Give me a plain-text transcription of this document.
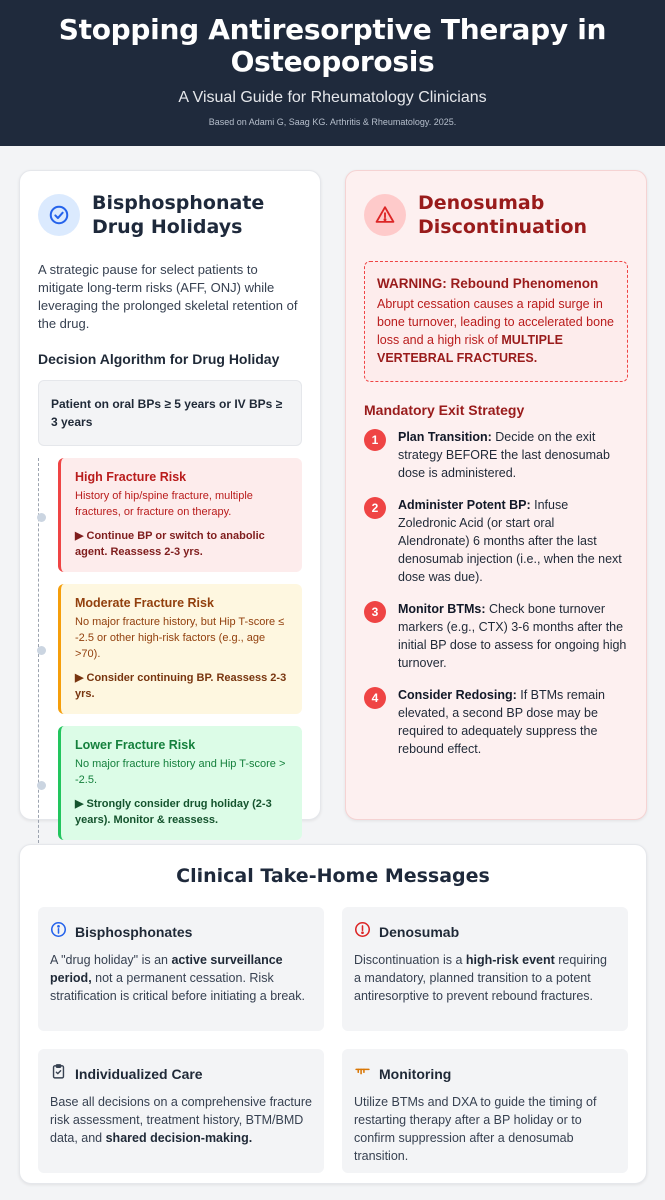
Stopping Antiresorptive Therapy in Osteoporosis
A Visual Guide for Rheumatology Clinicians
Based on Adami G, Saag KG. Arthritis & Rheumatology. 2025.
Bisphosphonate Drug Holidays

A strategic pause for select patients to mitigate long-term risks (AFF, ONJ) while leveraging the prolonged skeletal retention of the drug.

Decision Algorithm for Drug Holiday
Patient on oral BPs ≥ 5 years or IV BPs ≥ 3 years
High Fracture Risk
History of hip/spine fracture, multiple fractures, or fracture on therapy.
▶ Continue BP or switch to anabolic agent. Reassess 2-3 yrs.
Moderate Fracture Risk
No major fracture history, but Hip T-score ≤ -2.5 or other high-risk factors (e.g., age >70).
▶ Consider continuing BP. Reassess 2-3 yrs.
Lower Fracture Risk
No major fracture history and Hip T-score > -2.5.
▶ Strongly consider drug holiday (2-3 years). Monitor & reassess.
Denosumab Discontinuation
WARNING: Rebound Phenomenon
Abrupt cessation causes a rapid surge in bone turnover, leading to accelerated bone loss and a high risk of MULTIPLE VERTEBRAL FRACTURES.
Mandatory Exit Strategy
1	Plan Transition: Decide on the exit strategy BEFORE the last denosumab dose is administered.
2	Administer Potent BP: Infuse Zoledronic Acid (or start oral Alendronate) 6 months after the last denosumab injection (i.e., when the next dose was due).
3	Monitor BTMs: Check bone turnover markers (e.g., CTX) 3-6 months after the initial BP dose to assess for ongoing high turnover.
4	Consider Redosing: If BTMs remain elevated, a second BP dose may be required to adequately suppress the rebound effect.
Clinical Take-Home Messages
Bisphosphonates
A "drug holiday" is an active surveillance period, not a permanent cessation. Risk stratification is critical before initiating a break.
Denosumab
Discontinuation is a high-risk event requiring a mandatory, planned transition to a potent antiresorptive to prevent rebound fractures.
Individualized Care
Base all decisions on a comprehensive fracture risk assessment, treatment history, BTM/BMD data, and shared decision-making.
Monitoring
Utilize BTMs and DXA to guide the timing of restarting therapy after a BP holiday or to confirm suppression after a denosumab transition.
